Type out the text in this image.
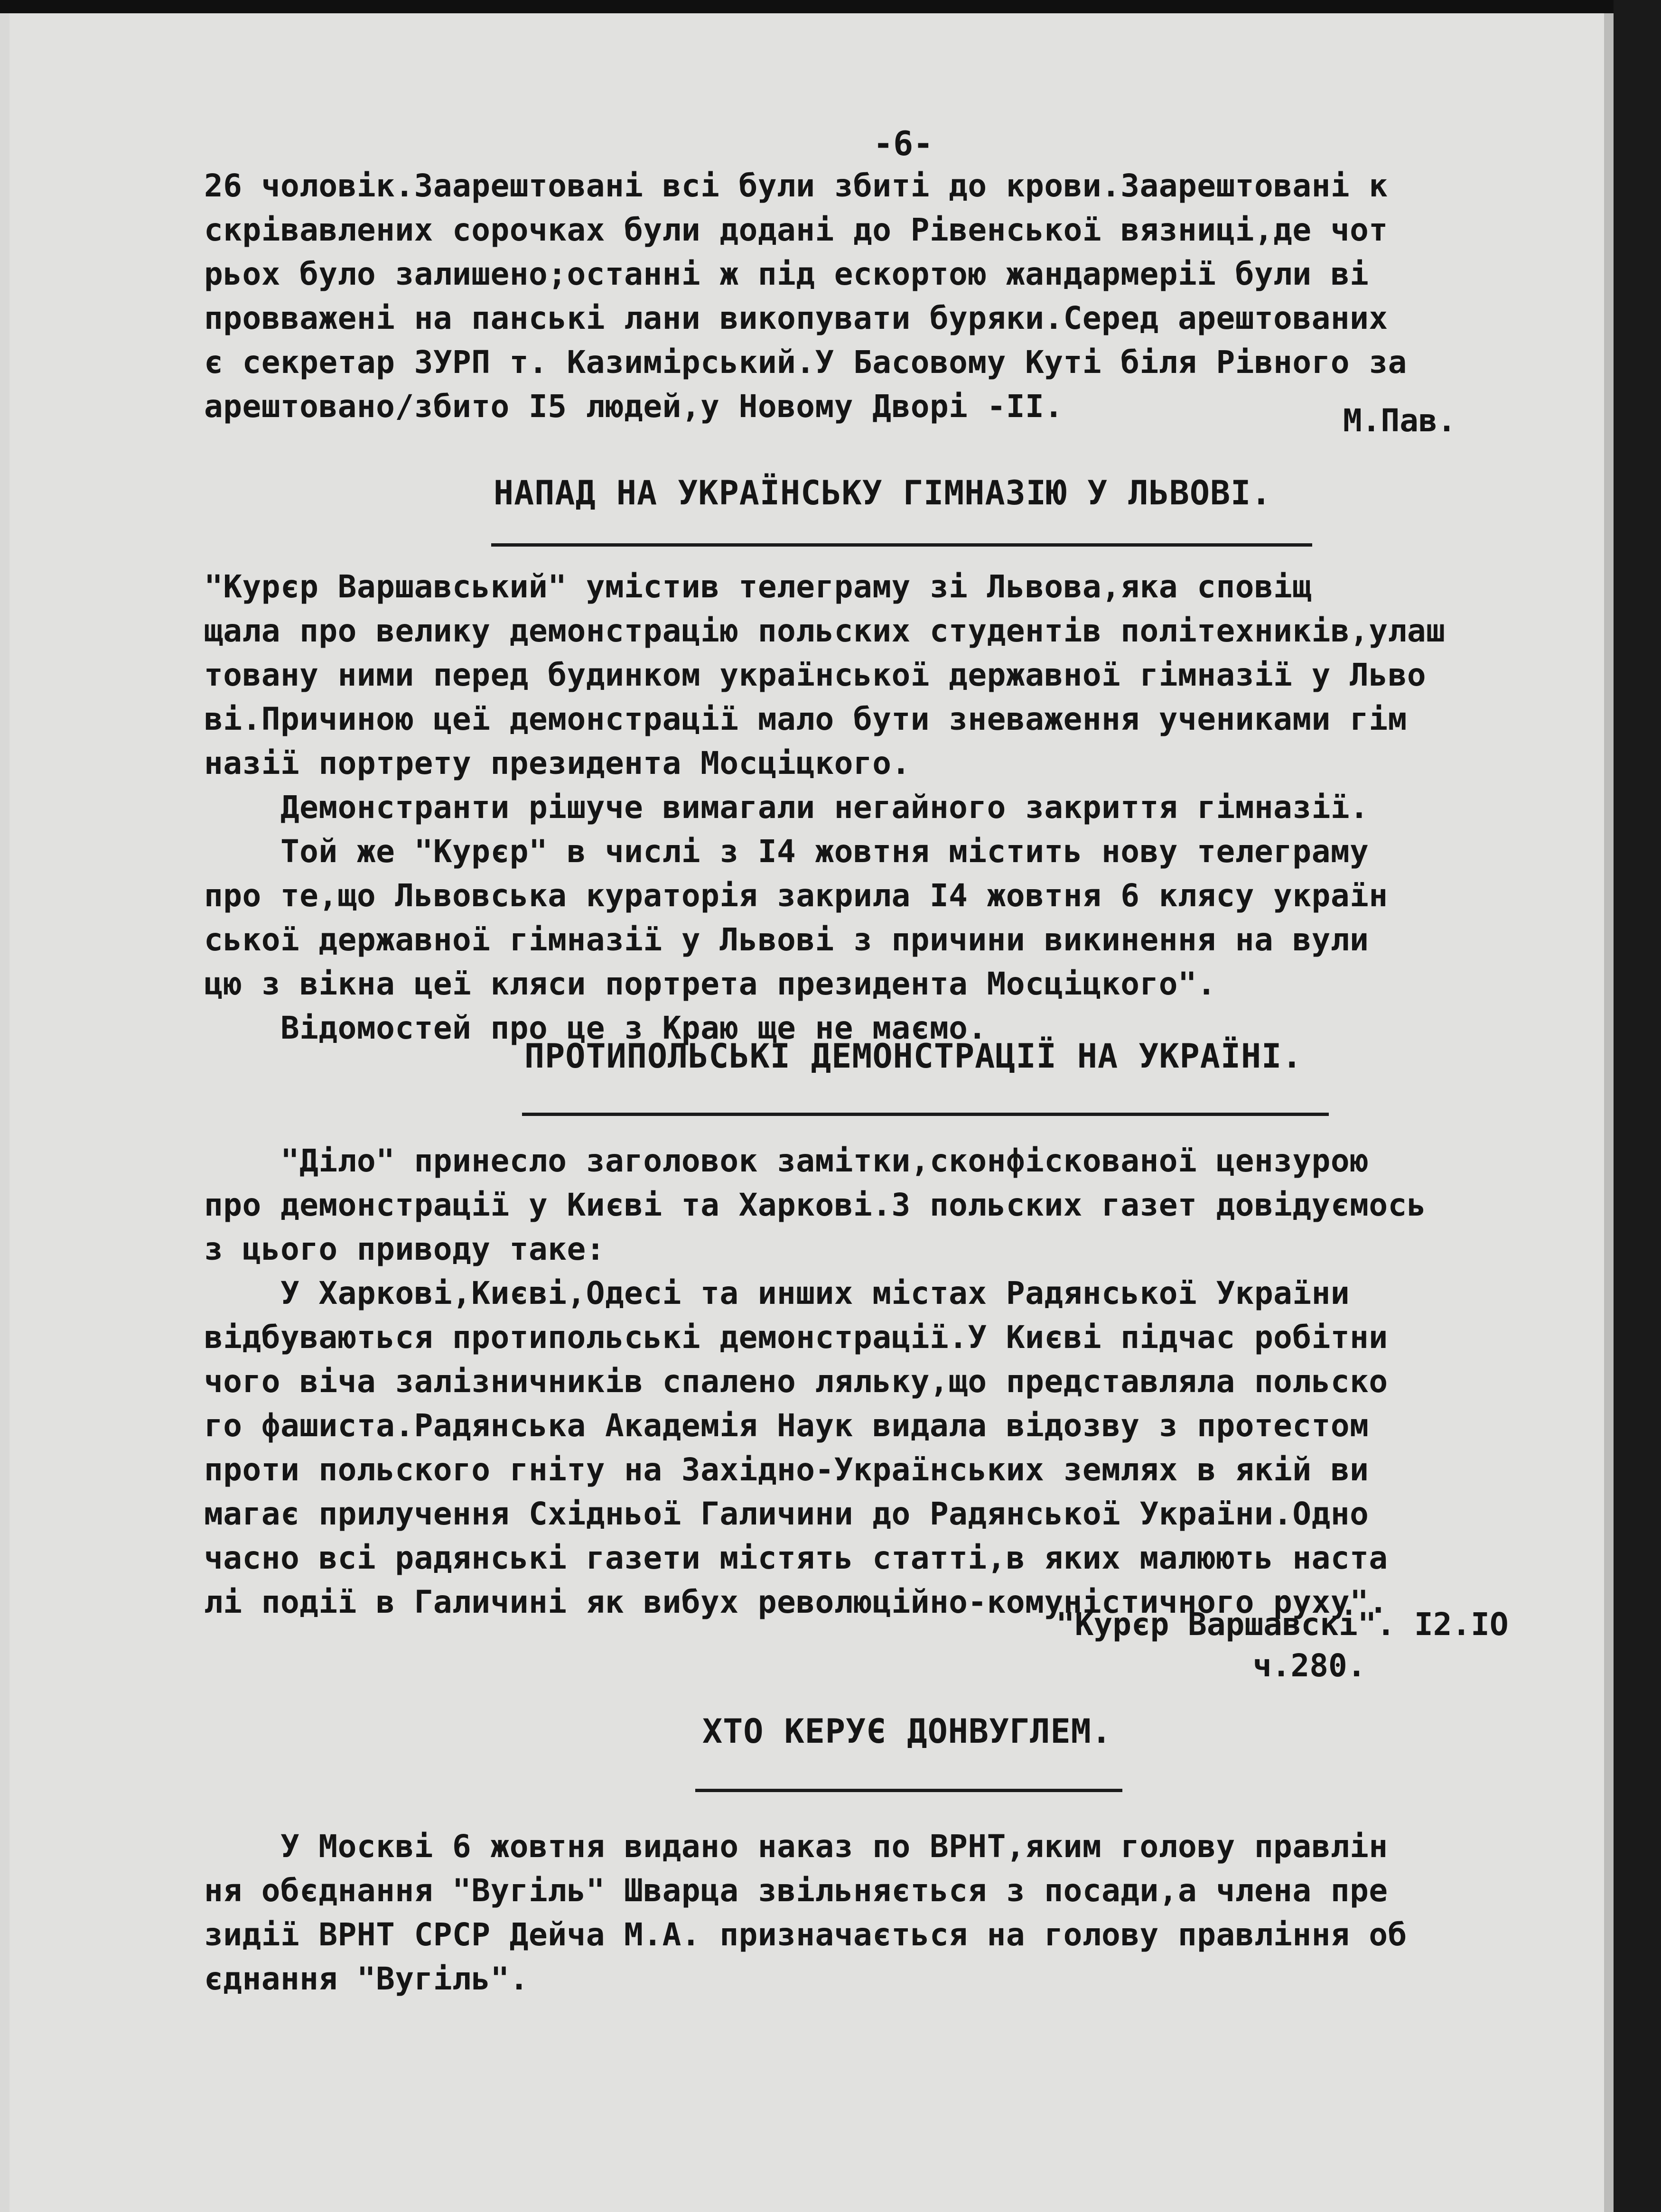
-6-
26 чоловік.Заарештовані всі були збиті до крови.Заарештовані к
скрівавлених сорочках були додані до Рівенської вязниці,де чот
рьох було залишено;останні ж під ескортою жандармерії були ві
провважені на панські лани викопувати буряки.Серед арештованих
є секретар ЗУРП т. Казимірський.У Басовому Куті біля Рівного за
арештовано/збито I5 людей,у Новому Дворі -II.	М.Пав.
НАПАД НА УКРАЇНСЬКУ ГІМНАЗІЮ У ЛЬВОВІ.
"Курєр Варшавський" умістив телеграму зі Львова,яка сповіщ
щала про велику демонстрацію польских студентів політехників,улаш
товану ними перед будинком української державної гімназії у Льво
ві.Причиною цеї демонстрації мало бути зневаження учениками гім
назії портрету президента Мосціцкого.
Демонстранти рішуче вимагали негайного закриття гімназії.
Той же "Курєр" в числі з I4 жовтня містить нову телеграму
про те,що Львовська кураторія закрила I4 жовтня 6 клясу україн
ської державної гімназії у Львові з причини викинення на вули
цю з вікна цеї кляси портрета президента Мосціцкого".
Відомостей про це з Краю ще не маємо.
ПРОТИПОЛЬСЬКІ ДЕМОНСТРАЦІЇ НА УКРАЇНІ.
"Діло" принесло заголовок замітки,сконфіскованої цензурою
про демонстрації у Києві та Харкові.З польских газет довідуємось
з цього приводу таке:
У Харкові,Києві,Одесі та инших містах Радянської України
відбуваються протипольські демонстрації.У Києві підчас робітни
чого віча залізничників спалено ляльку,що представляла польско
го фашиста.Радянська Академія Наук видала відозву з протестом
проти польского гніту на Західно-Українських землях в якій ви
магає прилучення Східньої Галичини до Радянської України.Одно
часно всі радянські газети містять статті,в яких малюють наста
лі події в Галичині як вибух революційно-комуністичного руху".
"Курєр Варшавскі". I2.IO
ч.280.
ХТО КЕРУЄ ДОНВУГЛЕМ.
У Москві 6 жовтня видано наказ по ВРНТ,яким голову правлін
ня обєднання "Вугіль" Шварца звільняється з посади,а члена пре
зидії ВРНТ СРСР Дейча М.А. призначається на голову правління об
єднання "Вугіль".
